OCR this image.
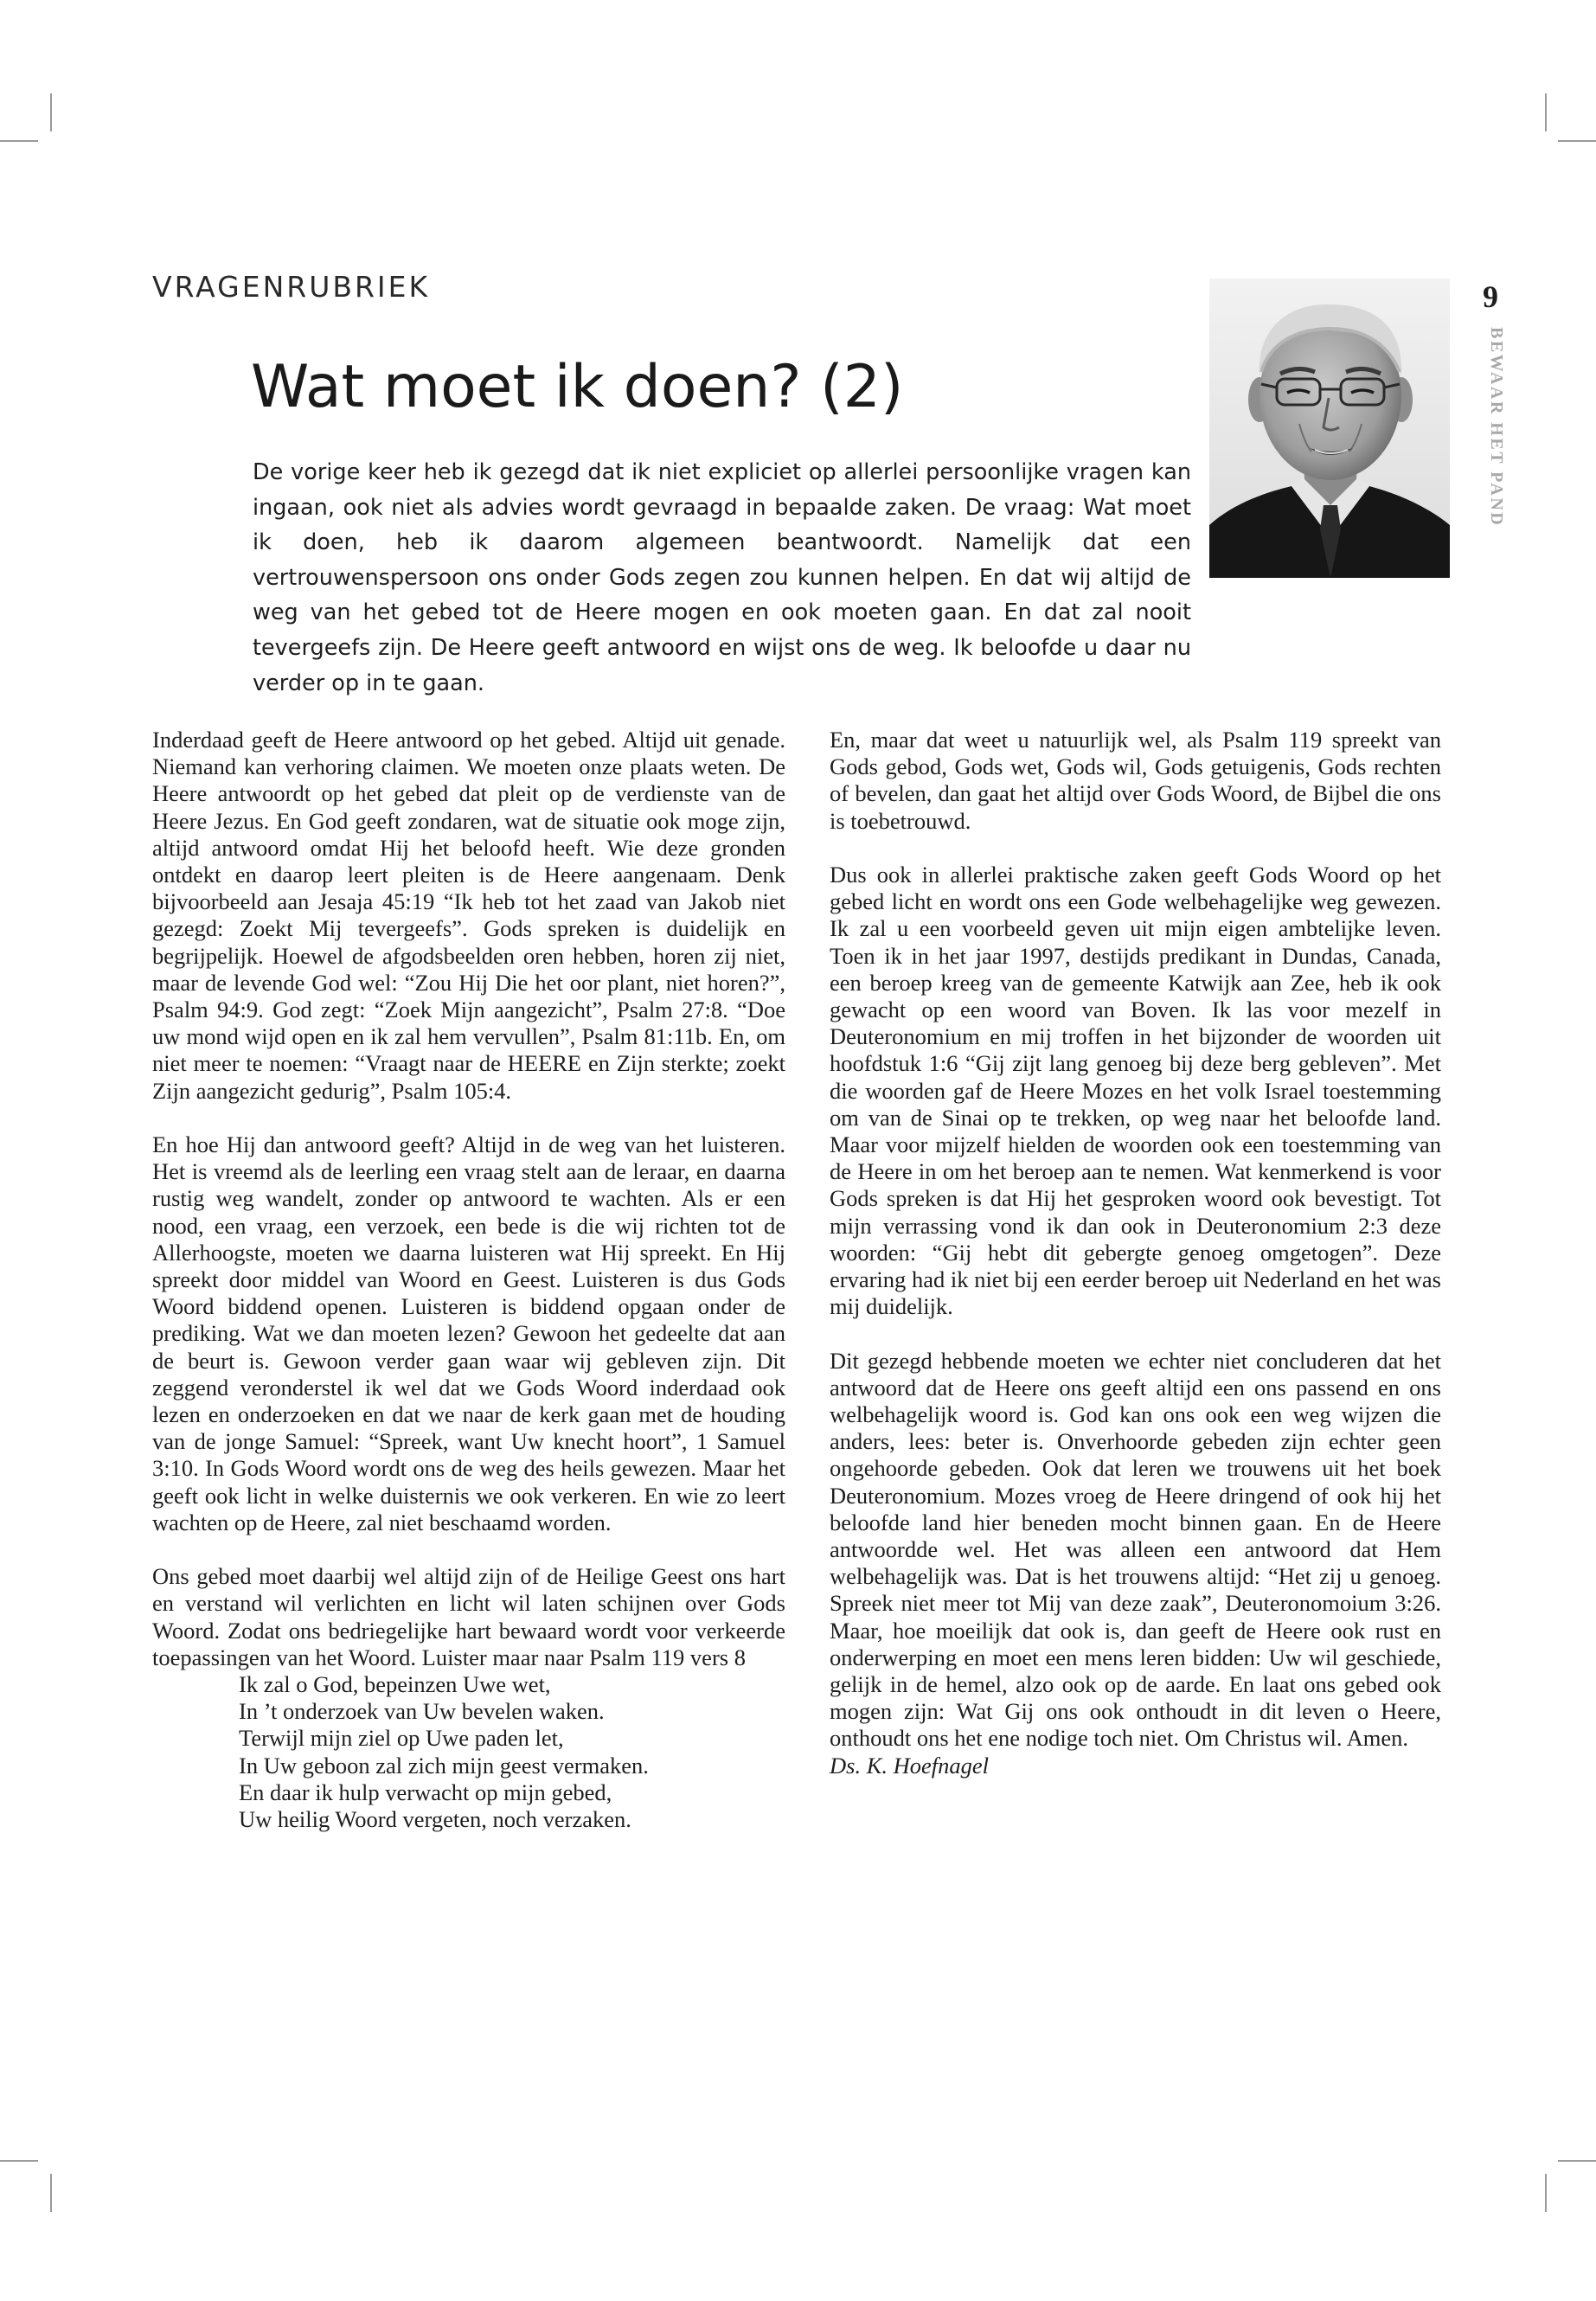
VRAGENRUBRIEK
Wat moet ik doen? (2)

De vorige keer heb ik gezegd dat ik niet expliciet op allerlei persoonlijke vragen kan ingaan, ook niet als advies wordt gevraagd in bepaalde zaken. De vraag: Wat moet ik doen, heb ik daarom algemeen beantwoordt. Namelijk dat een vertrouwenspersoon ons onder Gods zegen zou kunnen helpen. En dat wij altijd de weg van het gebed tot de Heere mogen en ook moeten gaan. En dat zal nooit tevergeefs zijn. De Heere geeft antwoord en wijst ons de weg. Ik beloofde u daar nu verder op in te gaan.

9

BEWAAR HET PAND

Inderdaad geeft de Heere antwoord op het gebed. Altijd uit genade. Niemand kan verhoring claimen. We moeten onze plaats weten. De Heere antwoordt op het gebed dat pleit op de verdienste van de Heere Jezus. En God geeft zondaren, wat de situatie ook moge zijn, altijd antwoord omdat Hij het beloofd heeft. Wie deze gronden ontdekt en daarop leert pleiten is de Heere aangenaam. Denk bijvoorbeeld aan Jesaja 45:19 “Ik heb tot het zaad van Jakob niet gezegd: Zoekt Mij tevergeefs”. Gods spreken is duidelijk en begrijpelijk. Hoewel de afgodsbeelden oren hebben, horen zij niet, maar de levende God wel: “Zou Hij Die het oor plant, niet horen?”, Psalm 94:9. God zegt: “Zoek Mijn aangezicht”, Psalm 27:8. “Doe uw mond wijd open en ik zal hem vervullen”, Psalm 81:11b. En, om niet meer te noemen: “Vraagt naar de HEERE en Zijn sterkte; zoekt Zijn aangezicht gedurig”, Psalm 105:4.

En hoe Hij dan antwoord geeft? Altijd in de weg van het luisteren. Het is vreemd als de leerling een vraag stelt aan de leraar, en daarna rustig weg wandelt, zonder op antwoord te wachten. Als er een nood, een vraag, een verzoek, een bede is die wij richten tot de Allerhoogste, moeten we daarna luisteren wat Hij spreekt. En Hij spreekt door middel van Woord en Geest. Luisteren is dus Gods Woord biddend openen. Luisteren is biddend opgaan onder de prediking. Wat we dan moeten lezen? Gewoon het gedeelte dat aan de beurt is. Gewoon verder gaan waar wij gebleven zijn. Dit zeggend veronderstel ik wel dat we Gods Woord inderdaad ook lezen en onderzoeken en dat we naar de kerk gaan met de houding van de jonge Samuel: “Spreek, want Uw knecht hoort”, 1 Samuel 3:10. In Gods Woord wordt ons de weg des heils gewezen. Maar het geeft ook licht in welke duisternis we ook verkeren. En wie zo leert wachten op de Heere, zal niet beschaamd worden.

Ons gebed moet daarbij wel altijd zijn of de Heilige Geest ons hart en verstand wil verlichten en licht wil laten schijnen over Gods Woord. Zodat ons bedriegelijke hart bewaard wordt voor verkeerde toepassingen van het Woord. Luister maar naar Psalm 119 vers 8

Ik zal o God, bepeinzen Uwe wet,
In ’t onderzoek van Uw bevelen waken.
Terwijl mijn ziel op Uwe paden let,
In Uw geboon zal zich mijn geest vermaken.
En daar ik hulp verwacht op mijn gebed,
Uw heilig Woord vergeten, noch verzaken.

En, maar dat weet u natuurlijk wel, als Psalm 119 spreekt van Gods gebod, Gods wet, Gods wil, Gods getuigenis, Gods rechten of bevelen, dan gaat het altijd over Gods Woord, de Bijbel die ons is toebetrouwd.

Dus ook in allerlei praktische zaken geeft Gods Woord op het gebed licht en wordt ons een Gode welbehagelijke weg gewezen. Ik zal u een voorbeeld geven uit mijn eigen ambtelijke leven. Toen ik in het jaar 1997, destijds predikant in Dundas, Canada, een beroep kreeg van de gemeente Katwijk aan Zee, heb ik ook gewacht op een woord van Boven. Ik las voor mezelf in Deuteronomium en mij troffen in het bijzonder de woorden uit hoofdstuk 1:6 “Gij zijt lang genoeg bij deze berg gebleven”. Met die woorden gaf de Heere Mozes en het volk Israel toestemming om van de Sinai op te trekken, op weg naar het beloofde land. Maar voor mijzelf hielden de woorden ook een toestemming van de Heere in om het beroep aan te nemen. Wat kenmerkend is voor Gods spreken is dat Hij het gesproken woord ook bevestigt. Tot mijn verrassing vond ik dan ook in Deuteronomium 2:3 deze woorden: “Gij hebt dit gebergte genoeg omgetogen”. Deze ervaring had ik niet bij een eerder beroep uit Nederland en het was mij duidelijk.

Dit gezegd hebbende moeten we echter niet concluderen dat het antwoord dat de Heere ons geeft altijd een ons passend en ons welbehagelijk woord is. God kan ons ook een weg wijzen die anders, lees: beter is. Onverhoorde gebeden zijn echter geen ongehoorde gebeden. Ook dat leren we trouwens uit het boek Deuteronomium. Mozes vroeg de Heere dringend of ook hij het beloofde land hier beneden mocht binnen gaan. En de Heere antwoordde wel. Het was alleen een antwoord dat Hem welbehagelijk was. Dat is het trouwens altijd: “Het zij u genoeg. Spreek niet meer tot Mij van deze zaak”, Deuteronomoium 3:26. Maar, hoe moeilijk dat ook is, dan geeft de Heere ook rust en onderwerping en moet een mens leren bidden: Uw wil geschiede, gelijk in de hemel, alzo ook op de aarde. En laat ons gebed ook mogen zijn: Wat Gij ons ook onthoudt in dit leven o Heere, onthoudt ons het ene nodige toch niet. Om Christus wil. Amen.

Ds. K. Hoefnagel
